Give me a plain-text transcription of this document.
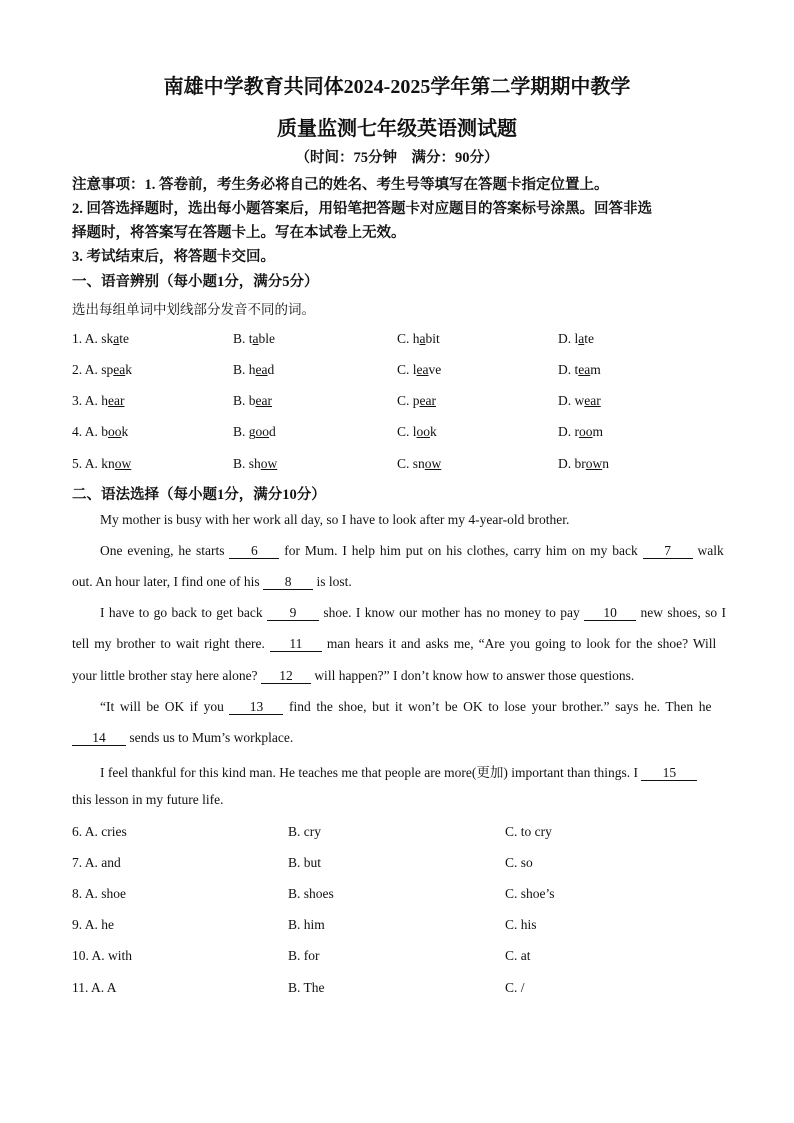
南雄中学教育共同体2024-2025学年第二学期期中教学
质量监测七年级英语测试题
（时间：75分钟　满分：90分）
注意事项：1. 答卷前，考生务必将自己的姓名、考生号等填写在答题卡指定位置上。
2. 回答选择题时，选出每小题答案后，用铅笔把答题卡对应题目的答案标号涂黑。回答非选
择题时，将答案写在答题卡上。写在本试卷上无效。
3. 考试结束后，将答题卡交回。
一、语音辨别（每小题1分，满分5分）
选出每组单词中划线部分发音不同的词。
1. A. skate	B. table	C. habit	D. late
2. A. speak	B. head	C. leave	D. team
3. A. hear	B. bear	C. pear	D. wear
4. A. book	B. good	C. look	D. room
5. A. know	B. show	C. snow	D. brown
二、语法选择（每小题1分，满分10分）
My mother is busy with her work all day, so I have to look after my 4-year-old brother.
One evening, he starts 6 for Mum. I help him put on his clothes, carry him on my back 7 walk
out. An hour later, I find one of his 8 is lost.
I have to go back to get back 9 shoe. I know our mother has no money to pay 10 new shoes, so I
tell my brother to wait right there. 11 man hears it and asks me, “Are you going to look for the shoe? Will
your little brother stay here alone? 12 will happen?” I don’t know how to answer those questions.
“It will be OK if you 13 find the shoe, but it won’t be OK to lose your brother.” says he. Then he
14 sends us to Mum’s workplace.
I feel thankful for this kind man. He teaches me that people are more(更加) important than things. I 15
this lesson in my future life.
6. A. cries	B. cry	C. to cry
7. A. and	B. but	C. so
8. A. shoe	B. shoes	C. shoe’s
9. A. he	B. him	C. his
10. A. with	B. for	C. at
11. A. A	B. The	C. /
